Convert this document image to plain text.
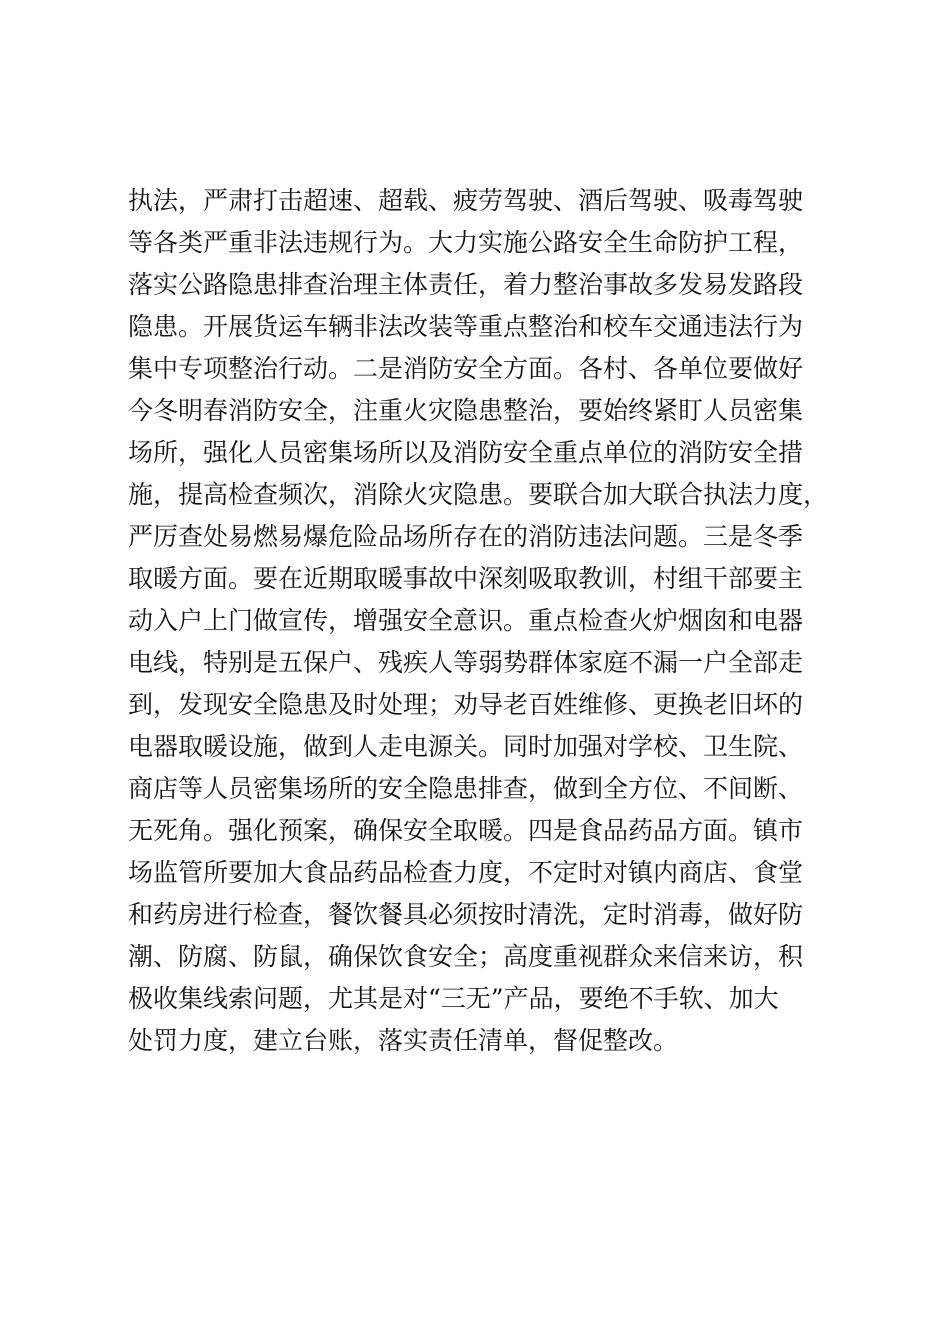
执法，严肃打击超速、超载、疲劳驾驶、酒后驾驶、吸毒驾驶
等各类严重非法违规行为。大力实施公路安全生命防护工程，
落实公路隐患排查治理主体责任，着力整治事故多发易发路段
隐患。开展货运车辆非法改装等重点整治和校车交通违法行为
集中专项整治行动。二是消防安全方面。各村、各单位要做好
今冬明春消防安全，注重火灾隐患整治，要始终紧盯人员密集
场所，强化人员密集场所以及消防安全重点单位的消防安全措
施，提高检查频次，消除火灾隐患。要联合加大联合执法力度，
严厉查处易燃易爆危险品场所存在的消防违法问题。三是冬季
取暖方面。要在近期取暖事故中深刻吸取教训，村组干部要主
动入户上门做宣传，增强安全意识。重点检查火炉烟囱和电器
电线，特别是五保户、残疾人等弱势群体家庭不漏一户全部走
到，发现安全隐患及时处理；劝导老百姓维修、更换老旧坏的
电器取暖设施，做到人走电源关。同时加强对学校、卫生院、
商店等人员密集场所的安全隐患排查，做到全方位、不间断、
无死角。强化预案，确保安全取暖。四是食品药品方面。镇市
场监管所要加大食品药品检查力度，不定时对镇内商店、食堂
和药房进行检查，餐饮餐具必须按时清洗，定时消毒，做好防
潮、防腐、防鼠，确保饮食安全；高度重视群众来信来访，积
极收集线索问题，尤其是对“三无”产品，要绝不手软、加大
处罚力度，建立台账，落实责任清单，督促整改。
